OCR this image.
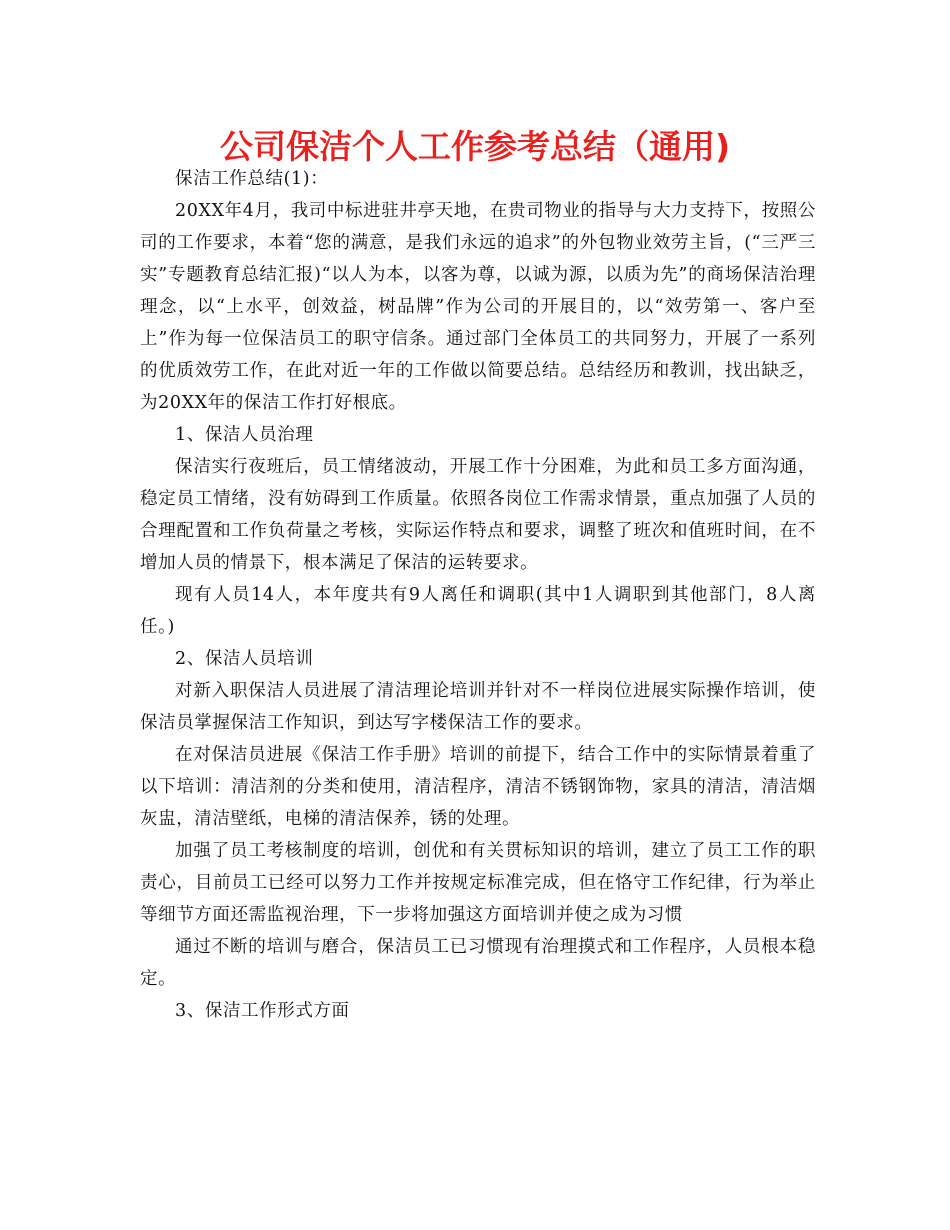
公司保洁个人工作参考总结（通用)

保洁工作总结(1)：

20XX年4月，我司中标进驻井亭天地，在贵司物业的指导与大力支持下，按照公司的工作要求，本着“您的满意，是我们永远的追求”的外包物业效劳主旨，(“三严三实”专题教育总结汇报)“以人为本，以客为尊，以诚为源，以质为先”的商场保洁治理理念，以“上水平，创效益，树品牌”作为公司的开展目的，以“效劳第一、客户至上”作为每一位保洁员工的职守信条。通过部门全体员工的共同努力，开展了一系列的优质效劳工作，在此对近一年的工作做以简要总结。总结经历和教训，找出缺乏，为20XX年的保洁工作打好根底。

1、保洁人员治理

保洁实行夜班后，员工情绪波动，开展工作十分困难，为此和员工多方面沟通，稳定员工情绪，没有妨碍到工作质量。依照各岗位工作需求情景，重点加强了人员的合理配置和工作负荷量之考核，实际运作特点和要求，调整了班次和值班时间，在不增加人员的情景下，根本满足了保洁的运转要求。

现有人员14人，本年度共有9人离任和调职(其中1人调职到其他部门，8人离任。)

2、保洁人员培训

对新入职保洁人员进展了清洁理论培训并针对不一样岗位进展实际操作培训，使保洁员掌握保洁工作知识，到达写字楼保洁工作的要求。

在对保洁员进展《保洁工作手册》培训的前提下，结合工作中的实际情景着重了以下培训：清洁剂的分类和使用，清洁程序，清洁不锈钢饰物，家具的清洁，清洁烟灰盅，清洁壁纸，电梯的清洁保养，锈的处理。

加强了员工考核制度的培训，创优和有关贯标知识的培训，建立了员工工作的职责心，目前员工已经可以努力工作并按规定标准完成，但在恪守工作纪律，行为举止等细节方面还需监视治理，下一步将加强这方面培训并使之成为习惯

通过不断的培训与磨合，保洁员工已习惯现有治理摸式和工作程序，人员根本稳定。

3、保洁工作形式方面
